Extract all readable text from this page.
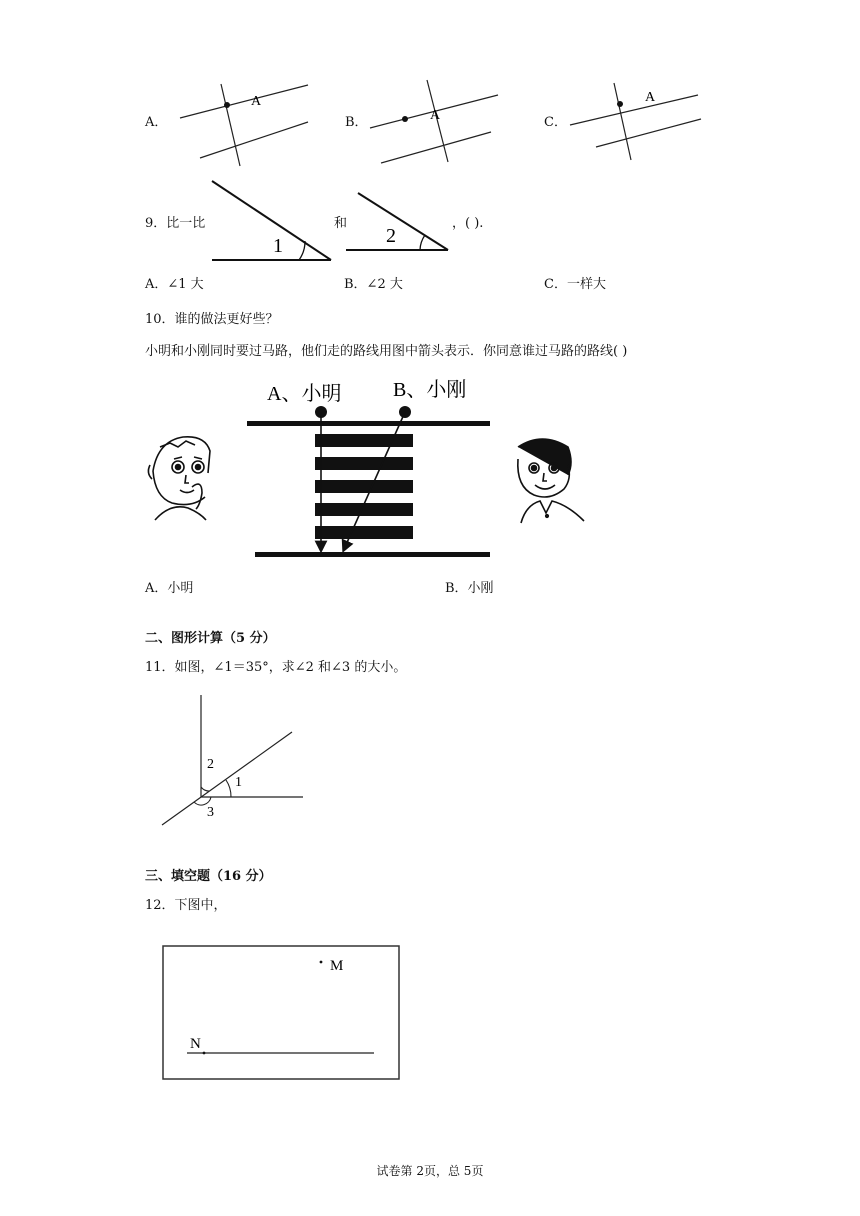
A．
A
B．	A	C．
A
9．比一比
1
和
2
，( ).
A．∠1 大	B．∠2 大	C．一样大
10．谁的做法更好些？
小明和小刚同时要过马路，他们走的路线用图中箭头表示．你同意谁过马路的路线( )
A、小明	B、小刚
A．小明	B．小刚
二、图形计算（5 分）
11．如图，∠1＝35°，求∠2 和∠3 的大小。
1
2
3
三、填空题（16 分）
12．下图中，
M
N
试卷第 2页，总 5页
